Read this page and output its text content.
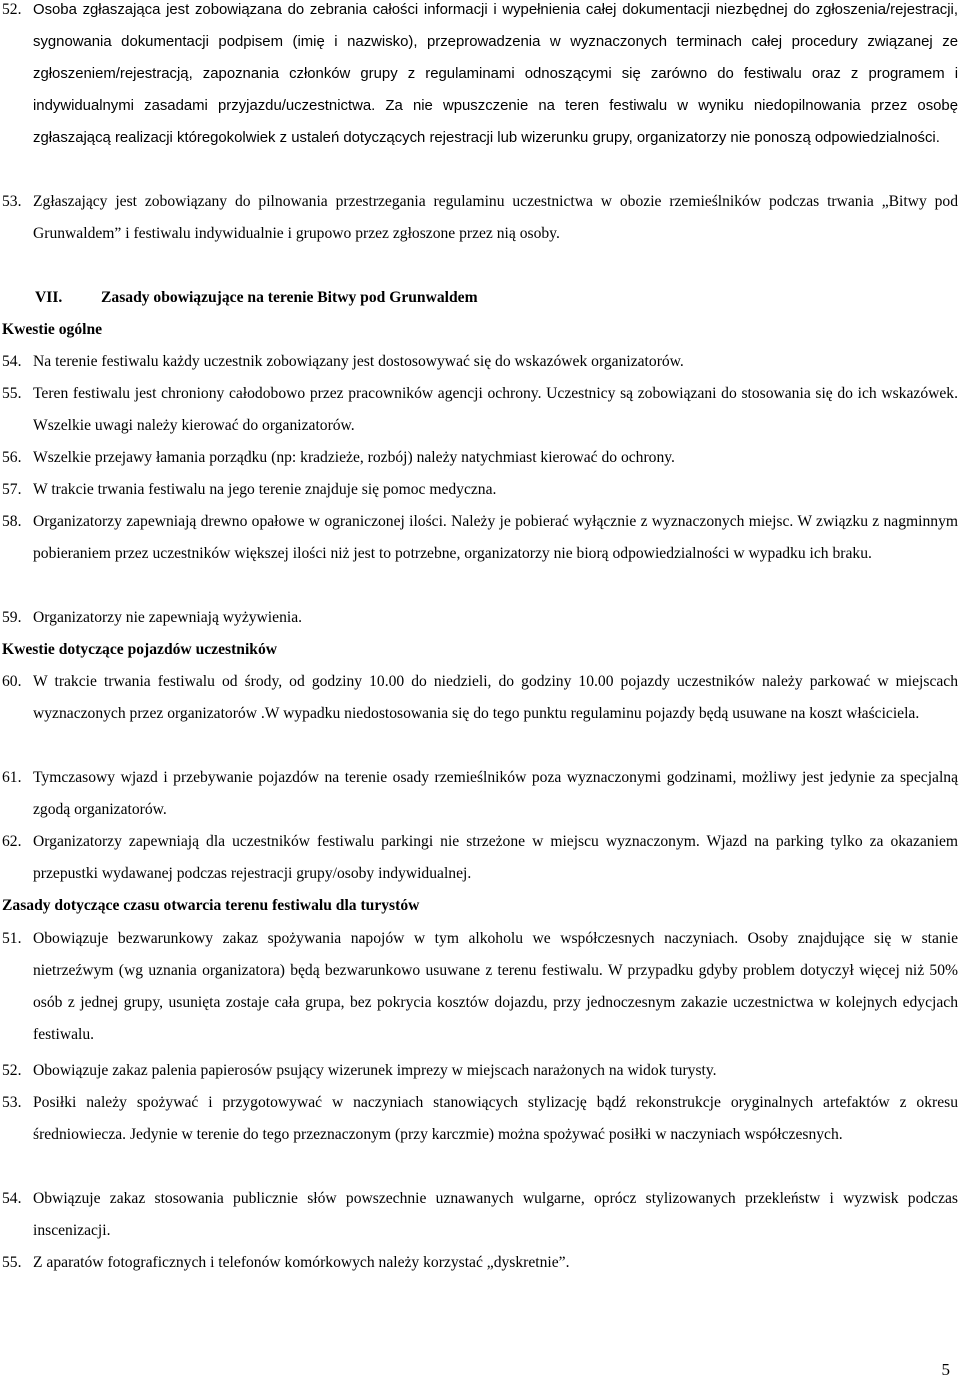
52. Osoba zgłaszająca jest zobowiązana do zebrania całości informacji i wypełnienia całej dokumentacji niezbędnej do zgłoszenia/rejestracji, sygnowania dokumentacji podpisem (imię i nazwisko), przeprowadzenia w wyznaczonych terminach całej procedury związanej ze zgłoszeniem/rejestracją, zapoznania członków grupy z regulaminami odnoszącymi się zarówno do festiwalu oraz z programem i indywidualnymi zasadami przyjazdu/uczestnictwa. Za nie wpuszczenie na teren festiwalu w wyniku niedopilnowania przez osobę zgłaszającą realizacji któregokolwiek z ustaleń dotyczących rejestracji lub wizerunku grupy, organizatorzy nie ponoszą odpowiedzialności.
53. Zgłaszający jest zobowiązany do pilnowania przestrzegania regulaminu uczestnictwa w obozie rzemieślników podczas trwania „Bitwy pod Grunwaldem” i festiwalu indywidualnie i grupowo przez zgłoszone przez nią osoby.
VII. Zasady obowiązujące na terenie Bitwy pod Grunwaldem
Kwestie ogólne
54. Na terenie festiwalu każdy uczestnik zobowiązany jest dostosowywać się do wskazówek organizatorów.
55. Teren festiwalu jest chroniony całodobowo przez pracowników agencji ochrony. Uczestnicy są zobowiązani do stosowania się do ich wskazówek. Wszelkie uwagi należy kierować do organizatorów.
56. Wszelkie przejawy łamania porządku (np: kradzieże, rozbój) należy natychmiast kierować do ochrony.
57. W trakcie trwania festiwalu na jego terenie znajduje się pomoc medyczna.
58. Organizatorzy zapewniają drewno opałowe w ograniczonej ilości. Należy je pobierać wyłącznie z wyznaczonych miejsc. W związku z nagminnym pobieraniem przez uczestników większej ilości niż jest to potrzebne, organizatorzy nie biorą odpowiedzialności w wypadku ich braku.
59. Organizatorzy nie zapewniają wyżywienia.
Kwestie dotyczące pojazdów uczestników
60. W trakcie trwania festiwalu od środy, od godziny 10.00 do niedzieli, do godziny 10.00 pojazdy uczestników należy parkować w miejscach wyznaczonych przez organizatorów .W wypadku niedostosowania się do tego punktu regulaminu pojazdy będą usuwane na koszt właściciela.
61. Tymczasowy wjazd i przebywanie pojazdów na terenie osady rzemieślników poza wyznaczonymi godzinami, możliwy jest jedynie za specjalną zgodą organizatorów.
62. Organizatorzy zapewniają dla uczestników festiwalu parkingi nie strzeżone w miejscu wyznaczonym. Wjazd na parking tylko za okazaniem przepustki wydawanej podczas rejestracji grupy/osoby indywidualnej.
Zasady dotyczące czasu otwarcia terenu festiwalu dla turystów
51. Obowiązuje bezwarunkowy zakaz spożywania napojów w tym alkoholu we współczesnych naczyniach. Osoby znajdujące się w stanie nietrzeźwym (wg uznania organizatora) będą bezwarunkowo usuwane z terenu festiwalu. W przypadku gdyby problem dotyczył więcej niż 50% osób z jednej grupy, usunięta zostaje cała grupa, bez pokrycia kosztów dojazdu, przy jednoczesnym zakazie uczestnictwa w kolejnych edycjach festiwalu.
52. Obowiązuje zakaz palenia papierosów psujący wizerunek imprezy w miejscach narażonych na widok turysty.
53. Posiłki należy spożywać i przygotowywać w naczyniach stanowiących stylizację bądź rekonstrukcje oryginalnych artefaktów z okresu średniowiecza. Jedynie w terenie do tego przeznaczonym (przy karczmie) można spożywać posiłki w naczyniach współczesnych.
54. Obwiązuje zakaz stosowania publicznie słów powszechnie uznawanych wulgarne, oprócz stylizowanych przekleństw i wyzwisk podczas inscenizacji.
55. Z aparatów fotograficznych i telefonów komórkowych należy korzystać „dyskretnie”.
5
